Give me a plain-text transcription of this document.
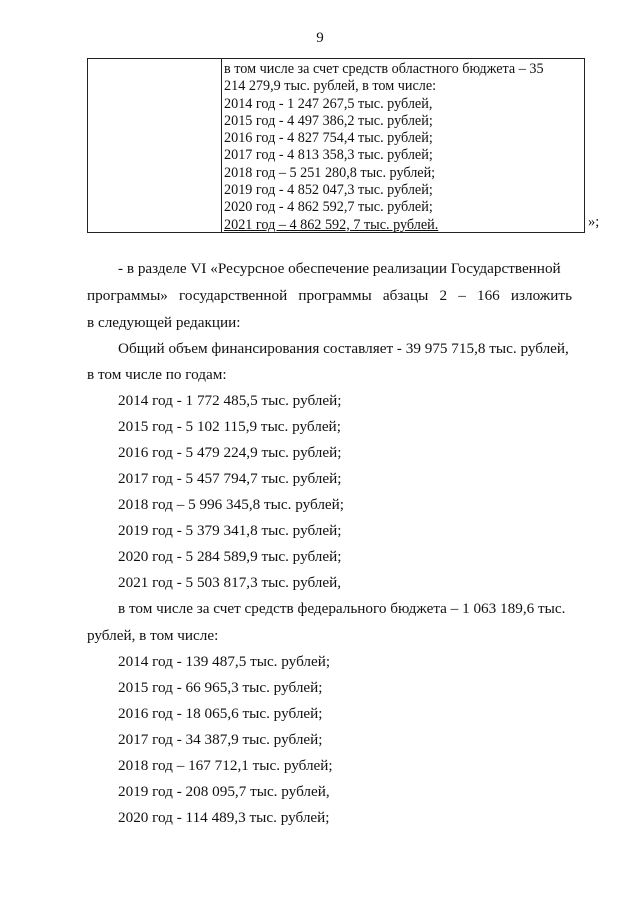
9
в том числе за счет средств областного бюджета – 35
214 279,9 тыс. рублей, в том числе:
2014 год - 1 247 267,5 тыс. рублей,
2015 год - 4 497 386,2 тыс. рублей;
2016 год - 4 827 754,4 тыс. рублей;
2017 год - 4 813 358,3 тыс. рублей;
2018 год – 5 251 280,8 тыс. рублей;
2019 год - 4 852 047,3 тыс. рублей;
2020 год - 4 862 592,7 тыс. рублей;
2021 год – 4 862 592, 7 тыс. рублей.	»;
- в разделе VI «Ресурсное обеспечение реализации Государственной
программы» государственной программы абзацы 2 – 166 изложить
в следующей редакции:
Общий объем финансирования составляет - 39 975 715,8 тыс. рублей,
в том числе по годам:
2014 год - 1 772 485,5 тыс. рублей;
2015 год - 5 102 115,9 тыс. рублей;
2016 год - 5 479 224,9 тыс. рублей;
2017 год - 5 457 794,7 тыс. рублей;
2018 год – 5 996 345,8 тыс. рублей;
2019 год - 5 379 341,8 тыс. рублей;
2020 год - 5 284 589,9 тыс. рублей;
2021 год - 5 503 817,3 тыс. рублей,
в том числе за счет средств федерального бюджета – 1 063 189,6 тыс.
рублей, в том числе:
2014 год - 139 487,5 тыс. рублей;
2015 год - 66 965,3 тыс. рублей;
2016 год - 18 065,6 тыс. рублей;
2017 год - 34 387,9 тыс. рублей;
2018 год – 167 712,1 тыс. рублей;
2019 год - 208 095,7 тыс. рублей,
2020 год - 114 489,3 тыс. рублей;
